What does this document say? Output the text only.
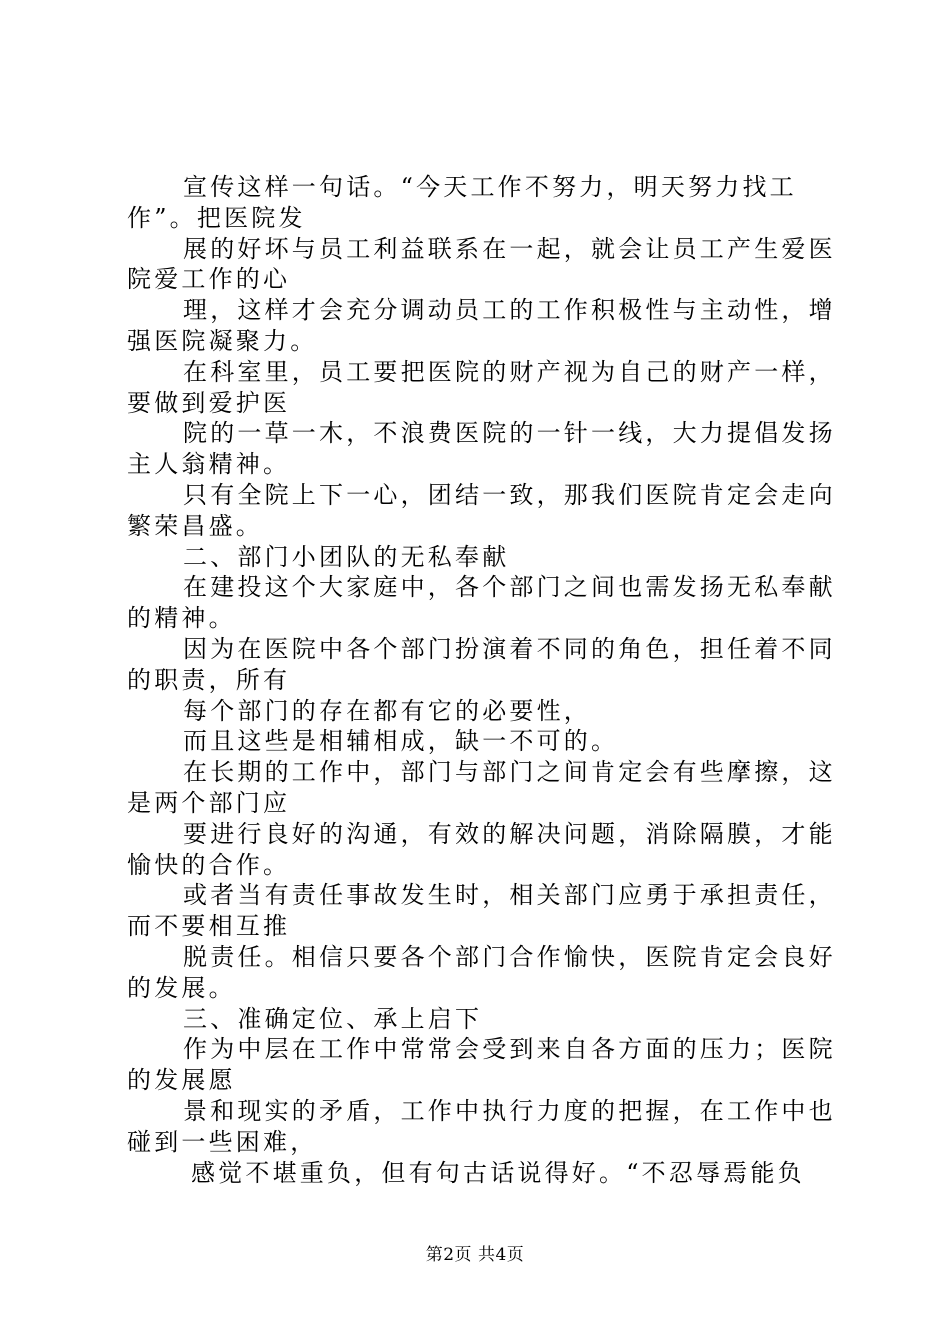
宣传这样一句话。“今天工作不努力，明天努力找工作”。把医院发

展的好坏与员工利益联系在一起，就会让员工产生爱医院爱工作的心

理，这样才会充分调动员工的工作积极性与主动性，增强医院凝聚力。

在科室里，员工要把医院的财产视为自己的财产一样，要做到爱护医

院的一草一木，不浪费医院的一针一线，大力提倡发扬主人翁精神。

只有全院上下一心，团结一致，那我们医院肯定会走向繁荣昌盛。

二、部门小团队的无私奉献

在建投这个大家庭中，各个部门之间也需发扬无私奉献的精神。

因为在医院中各个部门扮演着不同的角色，担任着不同的职责，所有

每个部门的存在都有它的必要性，

而且这些是相辅相成，缺一不可的。

在长期的工作中，部门与部门之间肯定会有些摩擦，这是两个部门应

要进行良好的沟通，有效的解决问题，消除隔膜，才能愉快的合作。

或者当有责任事故发生时，相关部门应勇于承担责任，而不要相互推

脱责任。相信只要各个部门合作愉快，医院肯定会良好的发展。

三、准确定位、承上启下

作为中层在工作中常常会受到来自各方面的压力；医院的发展愿

景和现实的矛盾，工作中执行力度的把握，在工作中也碰到一些困难，

感觉不堪重负，但有句古话说得好。“不忍辱焉能负

第2页 共4页
